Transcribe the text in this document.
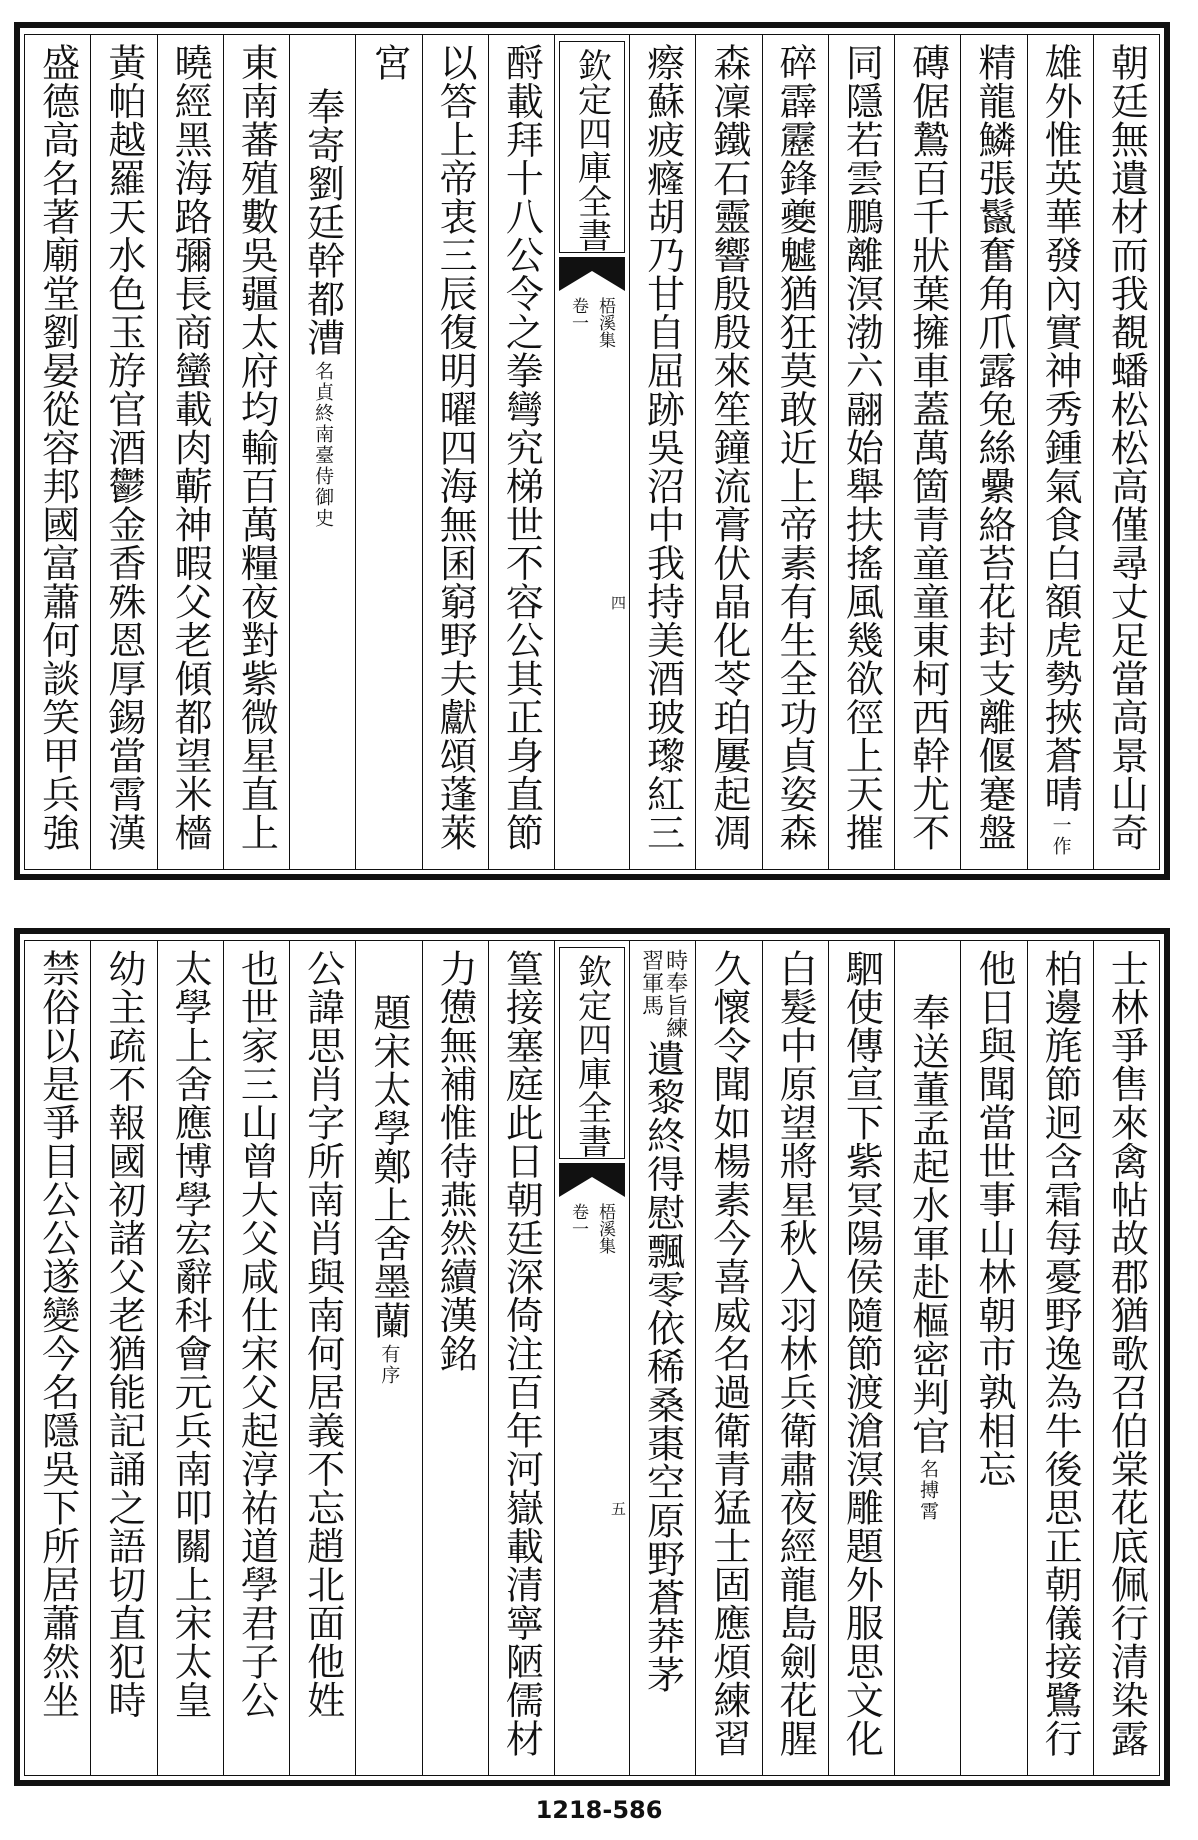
朝廷無遺材而我覩蟠松松高僅尋丈足當高景山奇
雄外惟英華發內實神秀鍾氣食白額虎勢挾蒼晴
一作
精龍鱗張鬣奮角爪露兔絲纍絡苔花封支離偃蹇盤
磚倨鷙百千狀葉擁車蓋萬箇青童童東柯西幹尤不
同隱若雲鵬離溟渤六翮始舉扶搖風幾欲徑上天摧
碎霹靂鋒夔魖猶狂莫敢近上帝素有生全功貞姿森
森凜鐵石靈響殷殷來笙鐘流膏伏晶化苓珀屢起凋
瘵蘇疲癃胡乃甘自屈跡吳沼中我持美酒玻瓈紅三
欽定四庫全書
梧溪集
卷一
四
酹載拜十八公令之拳彎究梯世不容公其正身直節
以答上帝衷三辰復明曜四海無囷窮野夫獻頌蓬萊
宮
奉寄劉廷幹都漕
名貞終南臺侍御史
東南蕃殖數吳疆太府均輸百萬糧夜對紫微星直上
曉經黑海路彌長商蠻載肉蘄神暇父老傾都望米檣
黃帕越羅天水色玉斿官酒鬱金香殊恩厚錫當霄漢
盛德高名著廟堂劉晏從容邦國富蕭何談笑甲兵強
士林爭售來禽帖故郡猶歌召伯棠花底佩行清染露
柏邊旄節迥含霜每憂野逸為牛後思正朝儀接鷺行
他日與聞當世事山林朝市孰相忘
奉送董孟起水軍赴樞密判官
名搏霄
駟使傳宣下紫冥陽侯隨節渡滄溟雕題外服思文化
白髮中原望將星秋入羽林兵衛肅夜經龍島劍花腥
久懷令聞如楊素今喜威名過衛青猛士固應煩練習
時奉旨練
習軍馬
遺黎終得慰飄零依稀桑棗空原野蒼莽茅
欽定四庫全書
梧溪集
卷一
五
篁接塞庭此日朝廷深倚注百年河嶽載清寧陋儒材
力憊無補惟待燕然續漢銘
題宋太學鄭上舍墨蘭
有序
公諱思肖字所南肖與南何居義不忘趙北面他姓
也世家三山曾大父咸仕宋父起淳祐道學君子公
太學上舍應博學宏辭科會元兵南叩關上宋太皇
幼主疏不報國初諸父老猶能記誦之語切直犯時
禁俗以是爭目公公遂變今名隱吳下所居蕭然坐
1218-586
